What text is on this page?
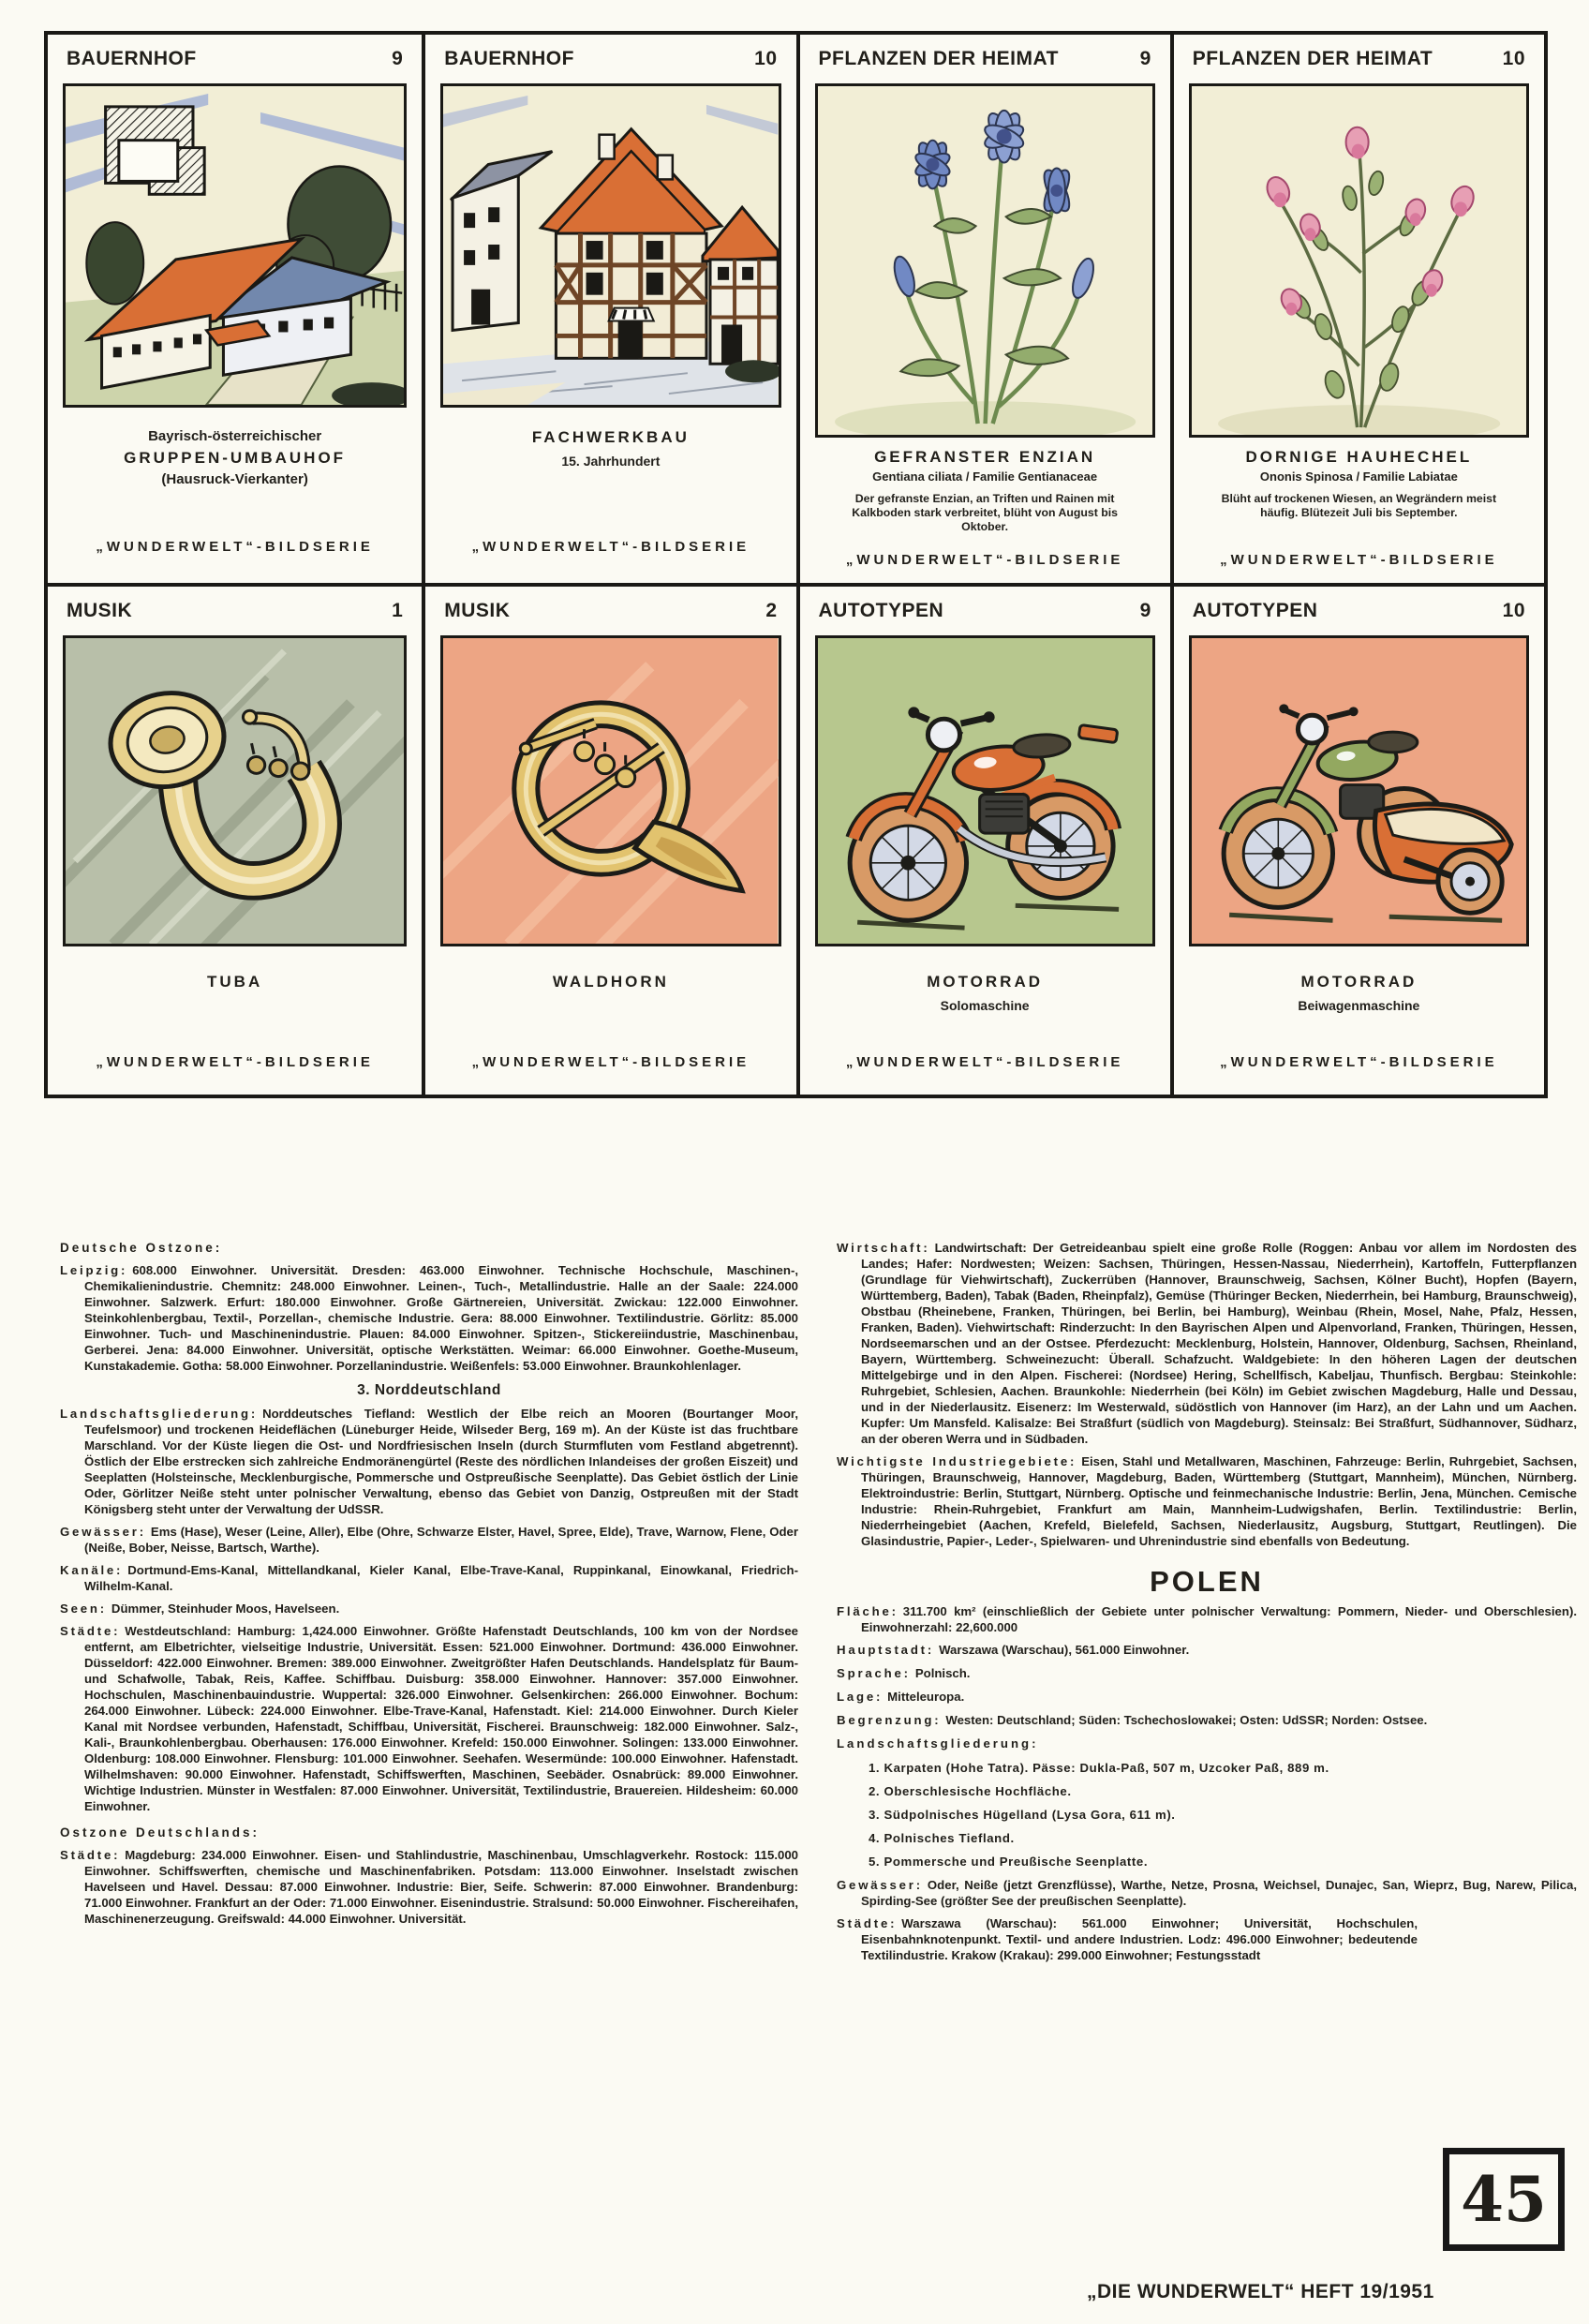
BAUERNHOF	9
Bayrisch-österreichischer
GRUPPEN-UMBAUHOF
(Hausruck-Vierkanter)
„WUNDERWELT“-BILDSERIE
BAUERNHOF	10
FACHWERKBAU
15. Jahrhundert
„WUNDERWELT“-BILDSERIE
PFLANZEN DER HEIMAT	9
GEFRANSTER ENZIAN
Gentiana ciliata / Familie Gentianaceae
Der gefranste Enzian, an Triften und Rainen mit Kalkboden stark verbreitet, blüht von August bis Oktober.
„WUNDERWELT“-BILDSERIE
PFLANZEN DER HEIMAT	10
DORNIGE HAUHECHEL
Ononis Spinosa / Familie Labiatae
Blüht auf trockenen Wiesen, an Wegrändern meist häufig. Blütezeit Juli bis September.
„WUNDERWELT“-BILDSERIE
MUSIK	1
TUBA
„WUNDERWELT“-BILDSERIE
MUSIK	2
WALDHORN
„WUNDERWELT“-BILDSERIE
AUTOTYPEN	9
MOTORRAD
Solomaschine
„WUNDERWELT“-BILDSERIE
AUTOTYPEN	10
MOTORRAD
Beiwagenmaschine
„WUNDERWELT“-BILDSERIE
Deutsche Ostzone:

Leipzig: 608.000 Einwohner. Universität. Dresden: 463.000 Einwohner. Technische Hochschule, Maschinen-, Chemikalienindustrie. Chemnitz: 248.000 Einwohner. Leinen-, Tuch-, Metallindustrie. Halle an der Saale: 224.000 Einwohner. Salzwerk. Erfurt: 180.000 Einwohner. Große Gärtnereien, Universität. Zwickau: 122.000 Einwohner. Steinkohlenbergbau, Textil-, Porzellan-, chemische Industrie. Gera: 88.000 Einwohner. Textilindustrie. Görlitz: 85.000 Einwohner. Tuch- und Maschinenindustrie. Plauen: 84.000 Einwohner. Spitzen-, Stickereiindustrie, Maschinenbau, Gerberei. Jena: 84.000 Einwohner. Universität, optische Werkstätten. Weimar: 66.000 Einwohner. Goethe-Museum, Kunstakademie. Gotha: 58.000 Einwohner. Porzellanindustrie. Weißenfels: 53.000 Einwohner. Braunkohlenlager.

3. Norddeutschland

Landschaftsgliederung: Norddeutsches Tiefland: Westlich der Elbe reich an Mooren (Bourtanger Moor, Teufelsmoor) und trockenen Heideflächen (Lüneburger Heide, Wilseder Berg, 169 m). An der Küste ist das fruchtbare Marschland. Vor der Küste liegen die Ost- und Nordfriesischen Inseln (durch Sturmfluten vom Festland abgetrennt). Östlich der Elbe erstrecken sich zahlreiche Endmoränengürtel (Reste des nördlichen Inlandeises der großen Eiszeit) und Seeplatten (Holsteinsche, Mecklenburgische, Pommersche und Ostpreußische Seenplatte). Das Gebiet östlich der Linie Oder, Görlitzer Neiße steht unter polnischer Verwaltung, ebenso das Gebiet von Danzig, Ostpreußen mit der Stadt Königsberg steht unter der Verwaltung der UdSSR.

Gewässer: Ems (Hase), Weser (Leine, Aller), Elbe (Ohre, Schwarze Elster, Havel, Spree, Elde), Trave, Warnow, Flene, Oder (Neiße, Bober, Neisse, Bartsch, Warthe).

Kanäle: Dortmund-Ems-Kanal, Mittellandkanal, Kieler Kanal, Elbe-Trave-Kanal, Ruppinkanal, Einowkanal, Friedrich-Wilhelm-Kanal.

Seen: Dümmer, Steinhuder Moos, Havelseen.

Städte: Westdeutschland: Hamburg: 1,424.000 Einwohner. Größte Hafenstadt Deutschlands, 100 km von der Nordsee entfernt, am Elbetrichter, vielseitige Industrie, Universität. Essen: 521.000 Einwohner. Dortmund: 436.000 Einwohner. Düsseldorf: 422.000 Einwohner. Bremen: 389.000 Einwohner. Zweitgrößter Hafen Deutschlands. Handelsplatz für Baum- und Schafwolle, Tabak, Reis, Kaffee. Schiffbau. Duisburg: 358.000 Einwohner. Hannover: 357.000 Einwohner. Hochschulen, Maschinenbauindustrie. Wuppertal: 326.000 Einwohner. Gelsenkirchen: 266.000 Einwohner. Bochum: 264.000 Einwohner. Lübeck: 224.000 Einwohner. Elbe-Trave-Kanal, Hafenstadt. Kiel: 214.000 Einwohner. Durch Kieler Kanal mit Nordsee verbunden, Hafenstadt, Schiffbau, Universität, Fischerei. Braunschweig: 182.000 Einwohner. Salz-, Kali-, Braunkohlenbergbau. Oberhausen: 176.000 Einwohner. Krefeld: 150.000 Einwohner. Solingen: 133.000 Einwohner. Oldenburg: 108.000 Einwohner. Flensburg: 101.000 Einwohner. Seehafen. Wesermünde: 100.000 Einwohner. Hafenstadt. Wilhelmshaven: 90.000 Einwohner. Hafenstadt, Schiffswerften, Maschinen, Seebäder. Osnabrück: 89.000 Einwohner. Wichtige Industrien. Münster in Westfalen: 87.000 Einwohner. Universität, Textilindustrie, Brauereien. Hildesheim: 60.000 Einwohner.

Ostzone Deutschlands:

Städte: Magdeburg: 234.000 Einwohner. Eisen- und Stahlindustrie, Maschinenbau, Umschlagverkehr. Rostock: 115.000 Einwohner. Schiffswerften, chemische und Maschinenfabriken. Potsdam: 113.000 Einwohner. Inselstadt zwischen Havelseen und Havel. Dessau: 87.000 Einwohner. Industrie: Bier, Seife. Schwerin: 87.000 Einwohner. Brandenburg: 71.000 Einwohner. Frankfurt an der Oder: 71.000 Einwohner. Eisenindustrie. Stralsund: 50.000 Einwohner. Fischereihafen, Maschinenerzeugung. Greifswald: 44.000 Einwohner. Universität.

Wirtschaft: Landwirtschaft: Der Getreideanbau spielt eine große Rolle (Roggen: Anbau vor allem im Nordosten des Landes; Hafer: Nordwesten; Weizen: Sachsen, Thüringen, Hessen-Nassau, Niederrhein), Kartoffeln, Futterpflanzen (Grundlage für Viehwirtschaft), Zuckerrüben (Hannover, Braunschweig, Sachsen, Kölner Bucht), Hopfen (Bayern, Württemberg, Baden), Tabak (Baden, Rheinpfalz), Gemüse (Thüringer Becken, Niederrhein, bei Hamburg, Braunschweig), Obstbau (Rheinebene, Franken, Thüringen, bei Berlin, bei Hamburg), Weinbau (Rhein, Mosel, Nahe, Pfalz, Hessen, Franken, Baden). Viehwirtschaft: Rinderzucht: In den Bayrischen Alpen und Alpenvorland, Franken, Thüringen, Hessen, Nordseemarschen und an der Ostsee. Pferdezucht: Mecklenburg, Holstein, Hannover, Oldenburg, Sachsen, Rheinland, Bayern, Württemberg. Schweinezucht: Überall. Schafzucht. Waldgebiete: In den höheren Lagen der deutschen Mittelgebirge und in den Alpen. Fischerei: (Nordsee) Hering, Schellfisch, Kabeljau, Thunfisch. Bergbau: Steinkohle: Ruhrgebiet, Schlesien, Aachen. Braunkohle: Niederrhein (bei Köln) im Gebiet zwischen Magdeburg, Halle und Dessau, und in der Niederlausitz. Eisenerz: Im Westerwald, südöstlich von Hannover (im Harz), an der Lahn und um Aachen. Kupfer: Um Mansfeld. Kalisalze: Bei Straßfurt (südlich von Magdeburg). Steinsalz: Bei Straßfurt, Südhannover, Südharz, an der oberen Werra und in Südbaden.

Wichtigste Industriegebiete: Eisen, Stahl und Metallwaren, Maschinen, Fahrzeuge: Berlin, Ruhrgebiet, Sachsen, Thüringen, Braunschweig, Hannover, Magdeburg, Baden, Württemberg (Stuttgart, Mannheim), München, Nürnberg. Elektroindustrie: Berlin, Stuttgart, Nürnberg. Optische und feinmechanische Industrie: Berlin, Jena, München. Cemische Industrie: Rhein-Ruhrgebiet, Frankfurt am Main, Mannheim-Ludwigshafen, Berlin. Textilindustrie: Berlin, Niederrheingebiet (Aachen, Krefeld, Bielefeld, Sachsen, Niederlausitz, Augsburg, Stuttgart, Reutlingen). Die Glasindustrie, Papier-, Leder-, Spielwaren- und Uhrenindustrie sind ebenfalls von Bedeutung.

POLEN

Fläche: 311.700 km² (einschließlich der Gebiete unter polnischer Verwaltung: Pommern, Nieder- und Oberschlesien). Einwohnerzahl: 22,600.000

Hauptstadt: Warszawa (Warschau), 561.000 Einwohner.

Sprache: Polnisch.

Lage: Mitteleuropa.

Begrenzung: Westen: Deutschland; Süden: Tschechoslowakei; Osten: UdSSR; Norden: Ostsee.

Landschaftsgliederung:
1. Karpaten (Hohe Tatra). Pässe: Dukla-Paß, 507 m, Uzcoker Paß, 889 m.
2. Oberschlesische Hochfläche.
3. Südpolnisches Hügelland (Lysa Gora, 611 m).
4. Polnisches Tiefland.
5. Pommersche und Preußische Seenplatte.

Gewässer: Oder, Neiße (jetzt Grenzflüsse), Warthe, Netze, Prosna, Weichsel, Dunajec, San, Wieprz, Bug, Narew, Pilica, Spirding-See (größter See der preußischen Seenplatte).

Städte: Warszawa (Warschau): 561.000 Einwohner; Universität, Hochschulen, Eisenbahnknotenpunkt. Textil- und andere Industrien. Lodz: 496.000 Einwohner; bedeutende Textilindustrie. Krakow (Krakau): 299.000 Einwohner; Festungsstadt

45
„DIE WUNDERWELT“ HEFT 19/1951
